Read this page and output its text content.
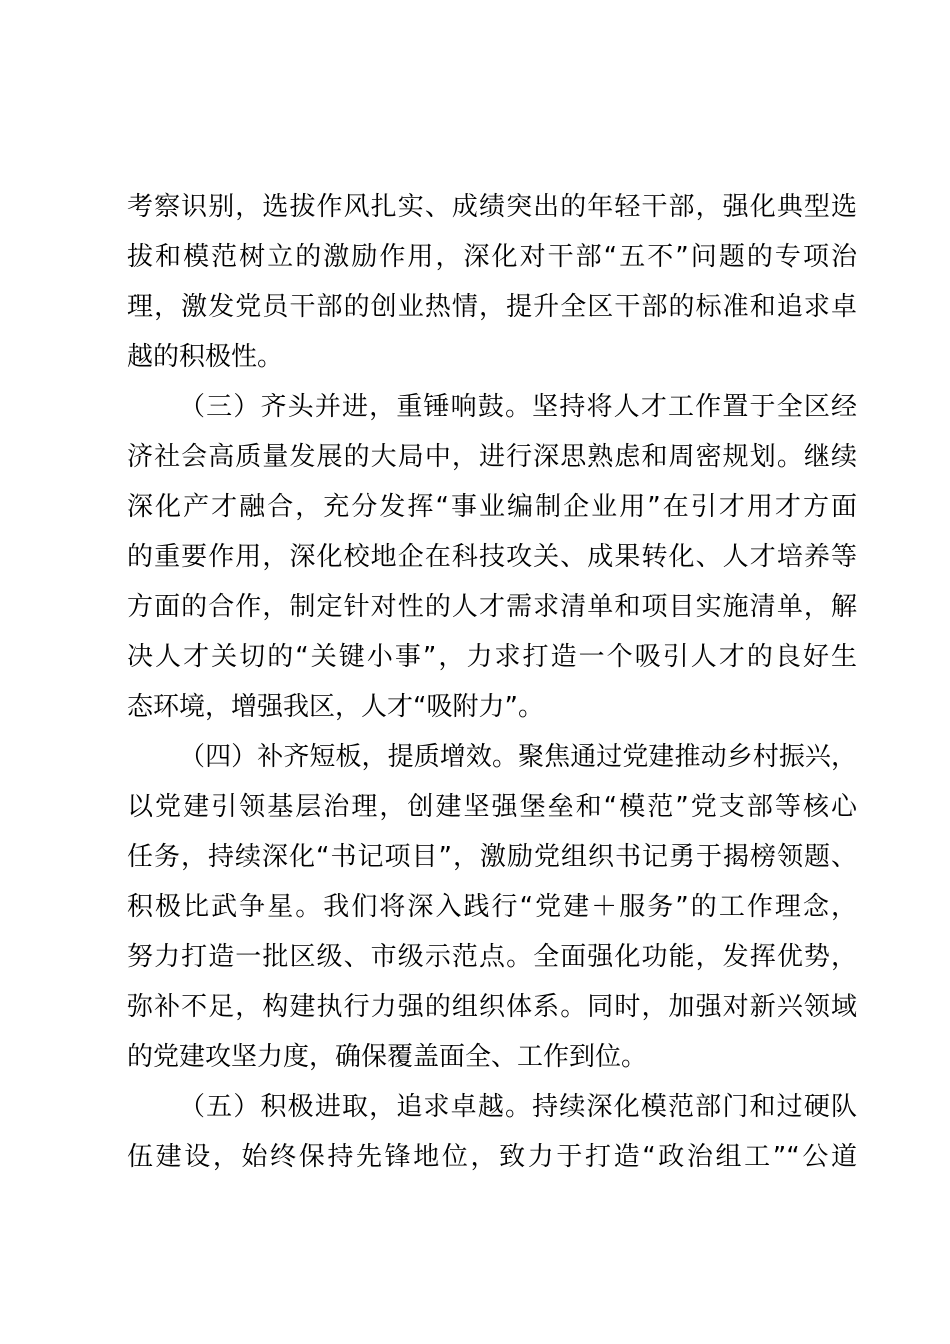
考察识别，选拔作风扎实、成绩突出的年轻干部，强化典型选
拔和模范树立的激励作用，深化对干部“五不”问题的专项治
理，激发党员干部的创业热情，提升全区干部的标准和追求卓
越的积极性。
（三）齐头并进，重锤响鼓。坚持将人才工作置于全区经
济社会高质量发展的大局中，进行深思熟虑和周密规划。继续
深化产才融合，充分发挥“事业编制企业用”在引才用才方面
的重要作用，深化校地企在科技攻关、成果转化、人才培养等
方面的合作，制定针对性的人才需求清单和项目实施清单，解
决人才关切的“关键小事”，力求打造一个吸引人才的良好生
态环境，增强我区，人才“吸附力”。
（四）补齐短板，提质增效。聚焦通过党建推动乡村振兴，
以党建引领基层治理，创建坚强堡垒和“模范”党支部等核心
任务，持续深化“书记项目”，激励党组织书记勇于揭榜领题、
积极比武争星。我们将深入践行“党建＋服务”的工作理念，
努力打造一批区级、市级示范点。全面强化功能，发挥优势，
弥补不足，构建执行力强的组织体系。同时，加强对新兴领域
的党建攻坚力度，确保覆盖面全、工作到位。
（五）积极进取，追求卓越。持续深化模范部门和过硬队
伍建设，始终保持先锋地位，致力于打造“政治组工”“公道
